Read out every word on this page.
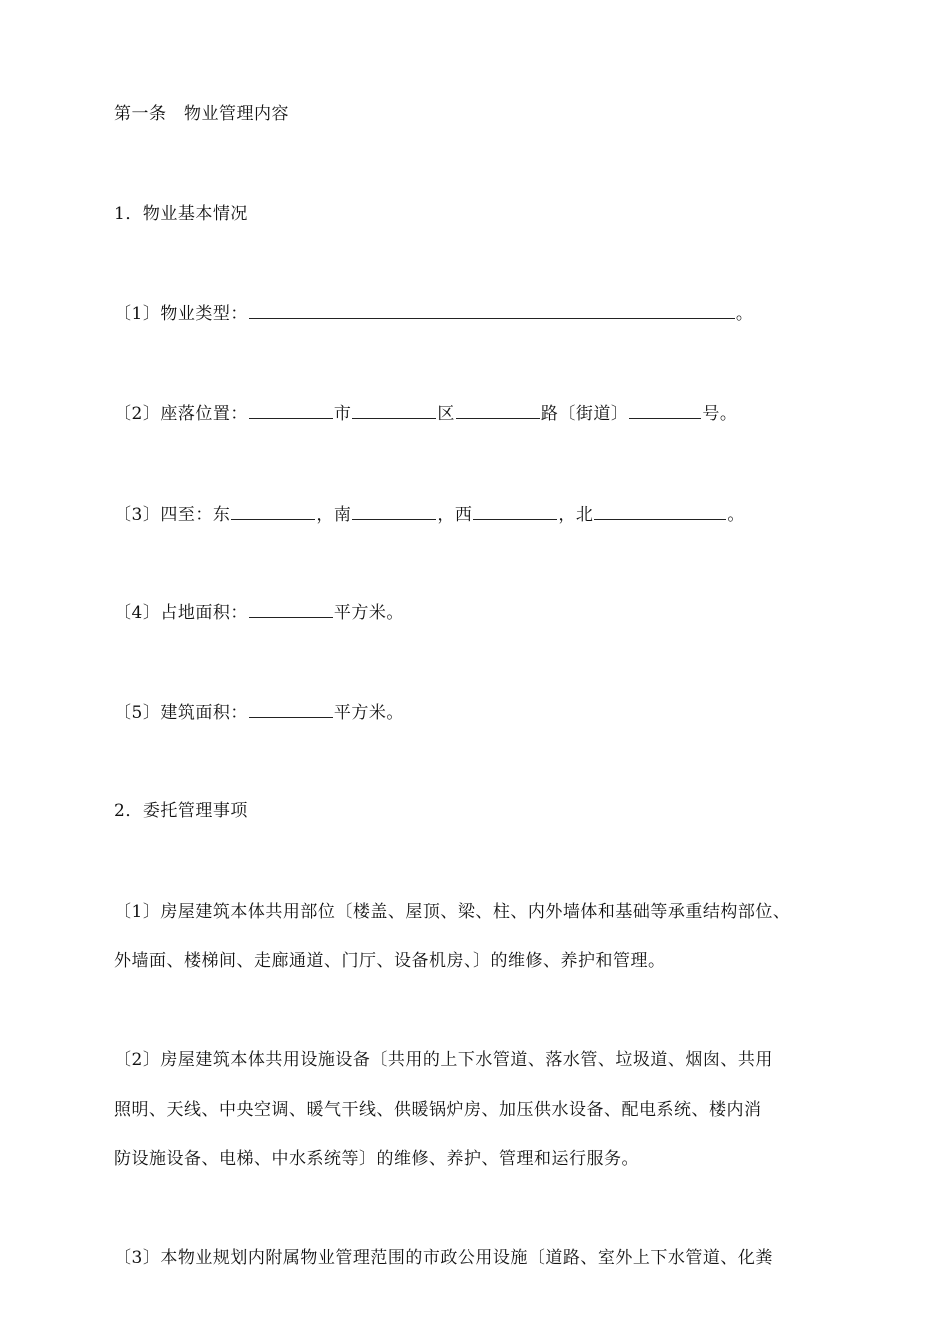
第一条　物业管理内容
1．物业基本情况
〔1〕物业类型：	。
〔2〕座落位置：	市	区	路〔街道〕	号。
〔3〕四至：东	，南	，西	，北	。
〔4〕占地面积：	平方米。
〔5〕建筑面积：	平方米。
2．委托管理事项
〔1〕房屋建筑本体共用部位〔楼盖、屋顶、梁、柱、内外墙体和基础等承重结构部位、
外墙面、楼梯间、走廊通道、门厅、设备机房、〕的维修、养护和管理。
〔2〕房屋建筑本体共用设施设备〔共用的上下水管道、落水管、垃圾道、烟囱、共用
照明、天线、中央空调、暖气干线、供暖锅炉房、加压供水设备、配电系统、楼内消
防设施设备、电梯、中水系统等〕的维修、养护、管理和运行服务。
〔3〕本物业规划内附属物业管理范围的市政公用设施〔道路、室外上下水管道、化粪
